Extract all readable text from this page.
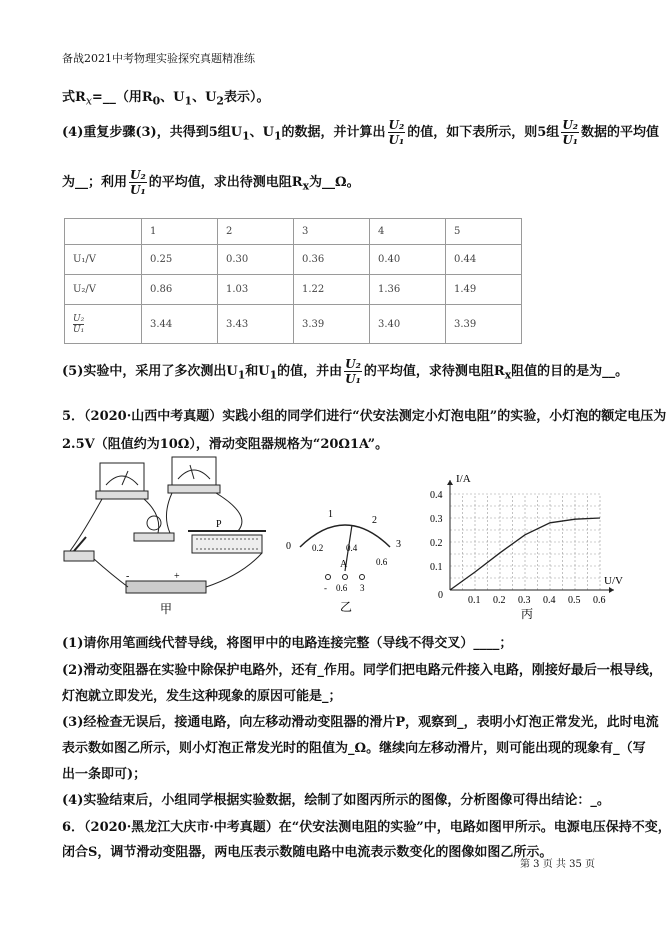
备战2021中考物理实验探究真题精准练
式$R_x=\_\_$（用$R_0$、$U_1$、$U_2$表示）。
(4)重复步骤(3)，共得到5组$U_1$、$U_1$的数据，并计算出 $\frac{\text{U₂}}{\text{U₁}}$ 的值，如下表所示，则5组 $\frac{\text{U₂}}{\text{U₁}}$ 数据的平均值
为__；利用 $\frac{\text{U₂}}{\text{U₁}}$ 的平均值，求出待测电阻$R_x$为__Ω。
	1	2	3	4	5
U₁/V	0.25	0.30	0.36	0.40	0.44
U₂/V	0.86	1.03	1.22	1.36	1.49

$\frac{\text{U₂}}{\text{U₁}}$	3.44	3.43	3.39	3.40	3.39
(5)实验中，采用了多次测出$U_1$和$U_1$的值，并由 $\frac{\text{U₂}}{\text{U₁}}$ 的平均值，求待测电阻$R_x$阻值的目的是为__。
5．（2020·山西中考真题）实践小组的同学们进行“伏安法测定小灯泡电阻”的实验，小灯泡的额定电压为
2.5V（阻值约为10Ω），滑动变阻器规格为“20Ω1A”。
P
-	+
甲
0
1
2
3
0.2	0.4
0.6
A
- 0.6 3
乙	0.1 0.2 0.3 0.4 0.5 0.6
0.1
0.2
0.3
0.4
0
I/A
U/V
丙
(1)请你用笔画线代替导线，将图甲中的电路连接完整（导线不得交叉）____；
(2)滑动变阻器在实验中除保护电路外，还有_作用。同学们把电路元件接入电路，刚接好最后一根导线，
灯泡就立即发光，发生这种现象的原因可能是_；
(3)经检查无误后，接通电路，向左移动滑动变阻器的滑片P，观察到_，表明小灯泡正常发光，此时电流
表示数如图乙所示，则小灯泡正常发光时的阻值为_Ω。继续向左移动滑片，则可能出现的现象有_（写
出一条即可)；
(4)实验结束后，小组同学根据实验数据，绘制了如图丙所示的图像，分析图像可得出结论：_。
6．（2020·黑龙江大庆市·中考真题）在“伏安法测电阻的实验”中，电路如图甲所示。电源电压保持不变，
闭合S，调节滑动变阻器，两电压表示数随电路中电流表示数变化的图像如图乙所示。
第 3 页 共 35 页
